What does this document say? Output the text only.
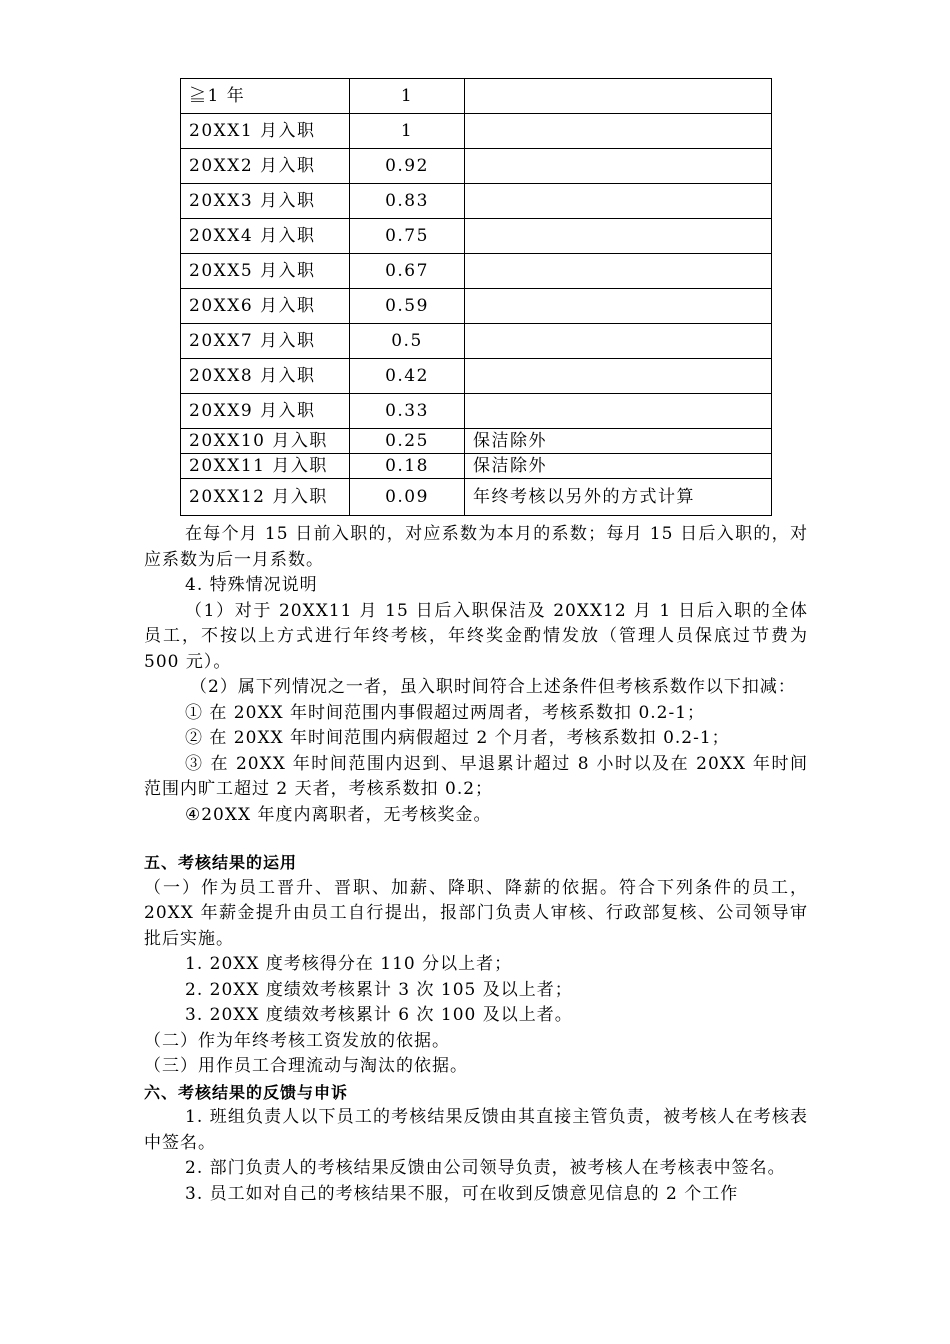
≧1 年	1	
20XX1 月入职	1	
20XX2 月入职	0.92	
20XX3 月入职	0.83	
20XX4 月入职	0.75	
20XX5 月入职	0.67	
20XX6 月入职	0.59	
20XX7 月入职	0.5	
20XX8 月入职	0.42	
20XX9 月入职	0.33	
20XX10 月入职	0.25	保洁除外
20XX11 月入职	0.18	保洁除外
20XX12 月入职	0.09	年终考核以另外的方式计算

在每个月 15 日前入职的，对应系数为本月的系数；每月 15 日后入职的，对应系数为后一月系数。

4. 特殊情况说明

（1）对于 20XX11 月 15 日后入职保洁及 20XX12 月 1 日后入职的全体员工，不按以上方式进行年终考核，年终奖金酌情发放（管理人员保底过节费为 500 元）。

（2）属下列情况之一者，虽入职时间符合上述条件但考核系数作以下扣减：

① 在 20XX 年时间范围内事假超过两周者，考核系数扣 0.2-1；

② 在 20XX 年时间范围内病假超过 2 个月者，考核系数扣 0.2-1；

③ 在 20XX 年时间范围内迟到、早退累计超过 8 小时以及在 20XX 年时间范围内旷工超过 2 天者，考核系数扣 0.2；

④20XX 年度内离职者，无考核奖金。

五、考核结果的运用

（一）作为员工晋升、晋职、加薪、降职、降薪的依据。符合下列条件的员工，20XX 年薪金提升由员工自行提出，报部门负责人审核、行政部复核、公司领导审批后实施。

1. 20XX 度考核得分在 110 分以上者；

2. 20XX 度绩效考核累计 3 次 105 及以上者；

3. 20XX 度绩效考核累计 6 次 100 及以上者。

（二）作为年终考核工资发放的依据。

（三）用作员工合理流动与淘汰的依据。

六、考核结果的反馈与申诉

1. 班组负责人以下员工的考核结果反馈由其直接主管负责，被考核人在考核表中签名。

2. 部门负责人的考核结果反馈由公司领导负责，被考核人在考核表中签名。

3. 员工如对自己的考核结果不服，可在收到反馈意见信息的 2 个工作
